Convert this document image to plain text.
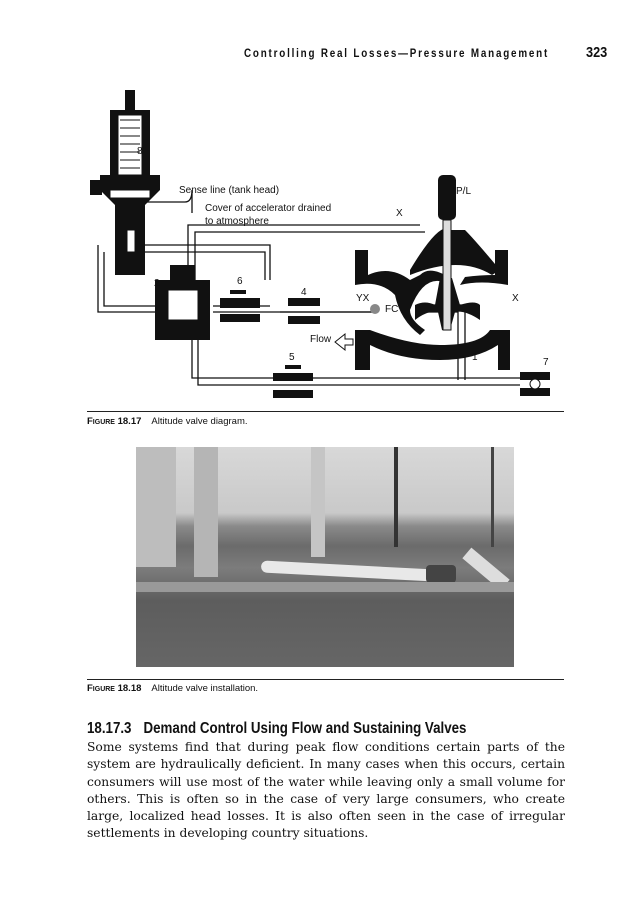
Controlling Real Losses—Pressure Management 323
8
Sense line (tank head)
Cover of accelerator drained
to atmosphere
P/L
X
2	6
4
YX
FC
X
Flow
5	1	7
Figure 18.17 Altitude valve diagram.
Figure 18.18 Altitude valve installation.
18.17.3 Demand Control Using Flow and Sustaining Valves
Some systems find that during peak flow conditions certain parts of the system are hydraulically deficient. In many cases when this occurs, certain consumers will use most of the water while leaving only a small volume for others. This is often so in the case of very large consumers, who create large, localized head losses. It is also often seen in the case of irregular settlements in developing country situations.
